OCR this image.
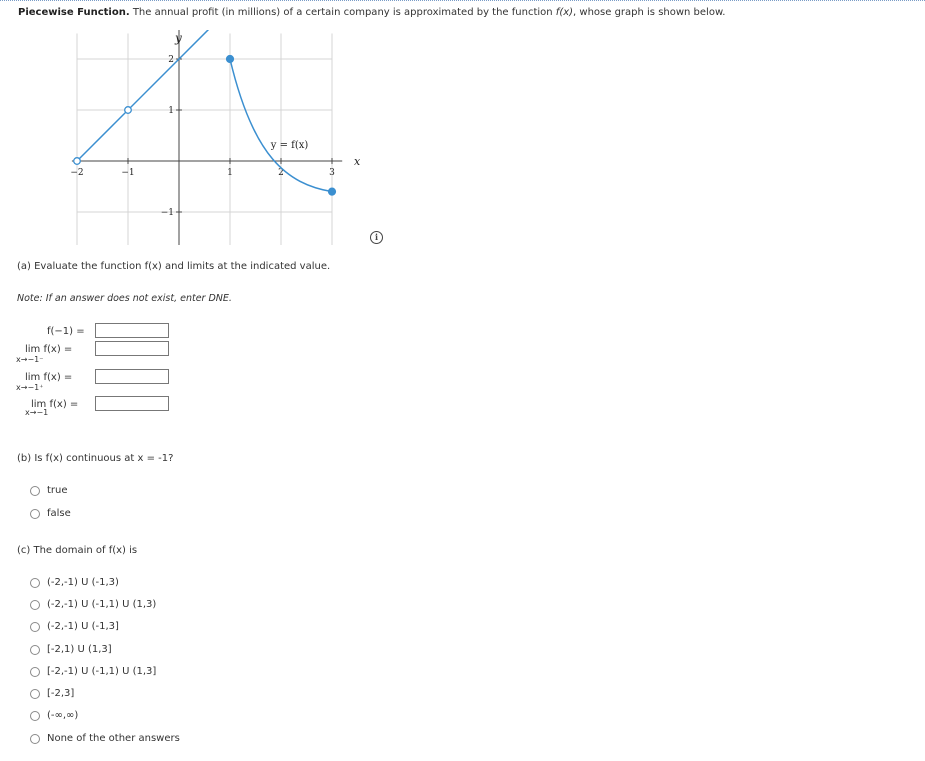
Piecewise Function. The annual profit (in millions) of a certain company is approximated by the function f(x), whose graph is shown below.
−2	−1	1	2	3
2
1
−1
y
x
y = f(x)
i
(a) Evaluate the function f(x) and limits at the indicated value.
Note: If an answer does not exist, enter DNE.
f(−1) =
lim f(x) =
x→−1⁻
lim f(x) =
x→−1⁺
lim f(x) =
x→−1
(b) Is f(x) continuous at x = -1?
true
false
(c) The domain of f(x) is
(-2,-1) U (-1,3)
(-2,-1) U (-1,1) U (1,3)
(-2,-1) U (-1,3]
[-2,1) U (1,3]
[-2,-1) U (-1,1) U (1,3]
[-2,3]
(-∞,∞)
None of the other answers
